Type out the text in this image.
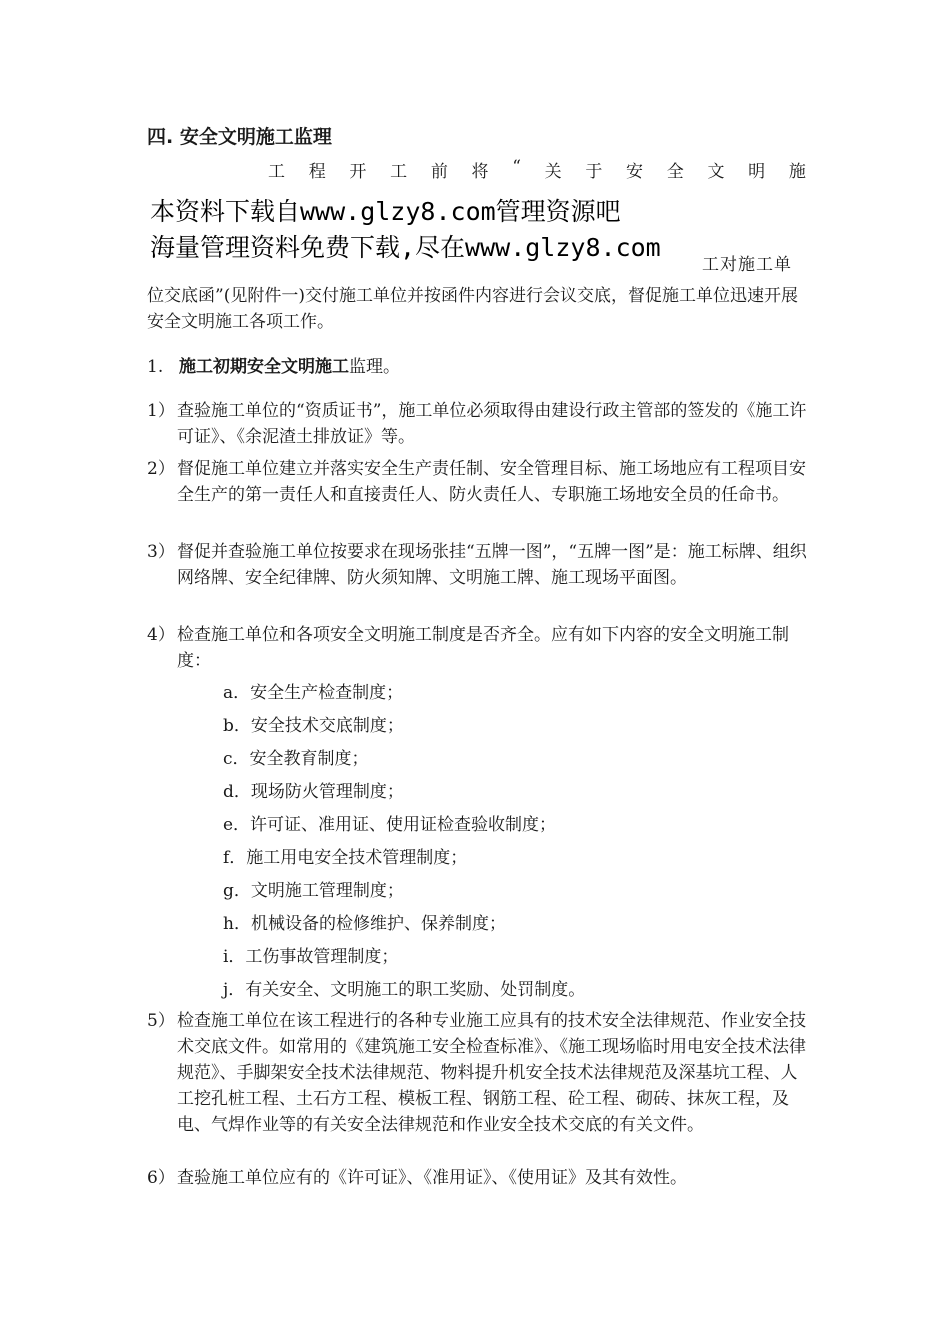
四. 安全文明施工监理
工 程 开 工 前 将 “ 关 于 安 全 文 明 施
本资料下载自www.glzy8.com管理资源吧
海量管理资料免费下载,尽在www.glzy8.com
工对施工单
位交底函”(见附件一)交付施工单位并按函件内容进行会议交底，督促施工单位迅速开展安全文明施工各项工作。
1. 施工初期安全文明施工监理。
1） 查验施工单位的“资质证书”，施工单位必须取得由建设行政主管部的签发的《施工许可证》、《余泥渣土排放证》等。
2） 督促施工单位建立并落实安全生产责任制、安全管理目标、施工场地应有工程项目安全生产的第一责任人和直接责任人、防火责任人、专职施工场地安全员的任命书。
3） 督促并查验施工单位按要求在现场张挂“五牌一图”，“五牌一图”是：施工标牌、组织网络牌、安全纪律牌、防火须知牌、文明施工牌、施工现场平面图。
4） 检查施工单位和各项安全文明施工制度是否齐全。应有如下内容的安全文明施工制度：
a．安全生产检查制度；
b．安全技术交底制度；
c．安全教育制度；
d．现场防火管理制度；
e．许可证、准用证、使用证检查验收制度；
f．施工用电安全技术管理制度；
g．文明施工管理制度；
h．机械设备的检修维护、保养制度；
i．工伤事故管理制度；
j．有关安全、文明施工的职工奖励、处罚制度。
5） 检查施工单位在该工程进行的各种专业施工应具有的技术安全法律规范、作业安全技术交底文件。如常用的《建筑施工安全检查标准》、《施工现场临时用电安全技术法律规范》、手脚架安全技术法律规范、物料提升机安全技术法律规范及深基坑工程、人工挖孔桩工程、土石方工程、模板工程、钢筋工程、砼工程、砌砖、抹灰工程，及电、气焊作业等的有关安全法律规范和作业安全技术交底的有关文件。
6） 查验施工单位应有的《许可证》、《准用证》、《使用证》及其有效性。
